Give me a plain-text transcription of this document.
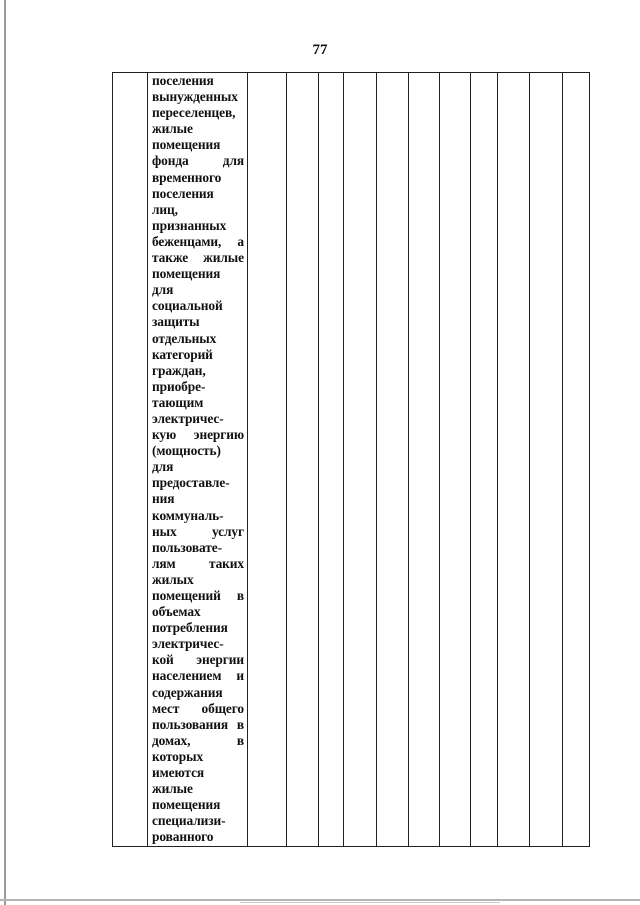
77

поселения
вынужденных
переселенцев,
жилые
помещения
фонда	для
временного
поселения
лиц,
признанных
беженцами, а
также жилые
помещения
для
социальной
защиты
отдельных
категорий
граждан,
приобре-
тающим
электричес-
кую энергию
(мощность)
для
предоставле-
ния
коммуналь-
ных	услуг
пользовате-
лям таких
жилых
помещений в
объемах
потребления
электричес-
кой энергии
населением и
содержания
мест общего
пользования в
домах,	в
которых
имеются
жилые
помещения
специализи-
рованного
